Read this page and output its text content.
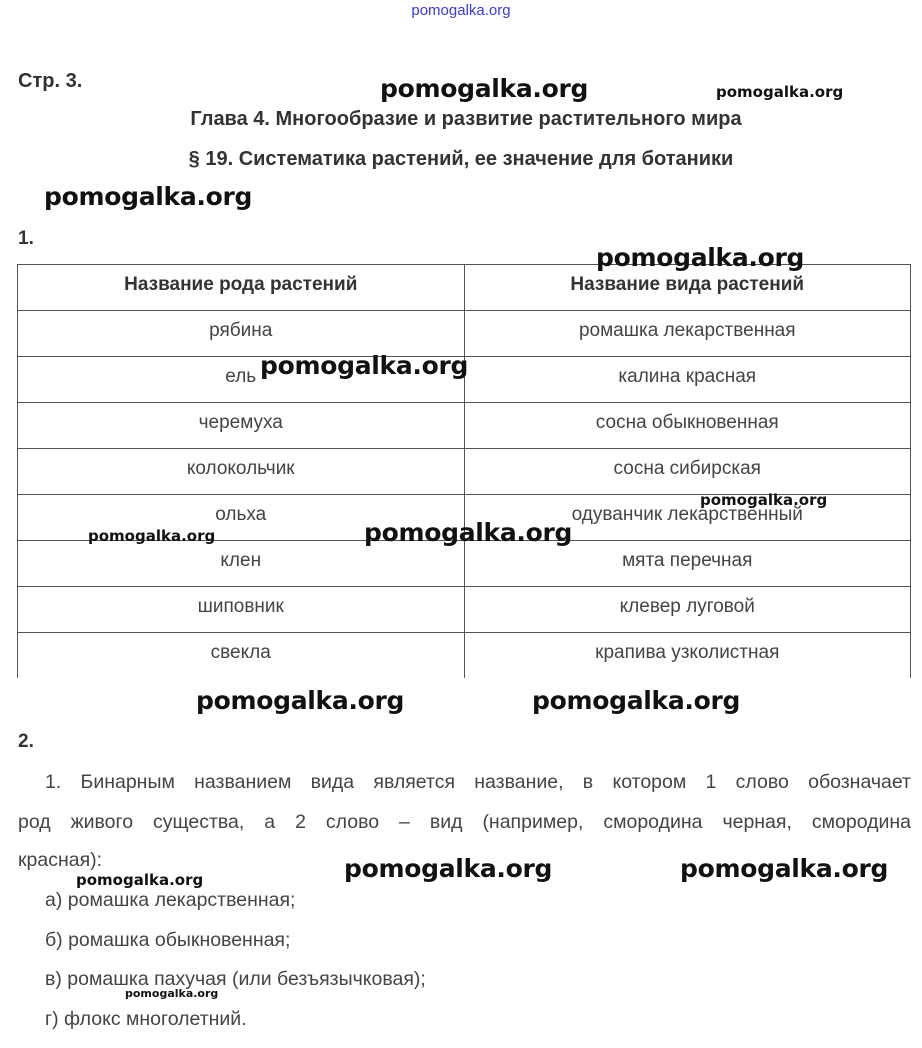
pomogalka.org
Стр. 3.
Глава 4. Многообразие и развитие растительного мира
§ 19. Систематика растений, ее значение для ботаники
1.
Название рода растений	Название вида растений
рябина	ромашка лекарственная
ель	калина красная
черемуха	сосна обыкновенная
колокольчик	сосна сибирская
ольха	одуванчик лекарственный
клен	мята перечная
шиповник	клевер луговой
свекла	крапива узколистная
2.
1. Бинарным названием вида является название, в котором 1 слово обозначает
род живого существа, а 2 слово – вид (например, смородина черная, смородина
красная):
а) ромашка лекарственная;
б) ромашка обыкновенная;
в) ромашка пахучая (или безъязычковая);
г) флокс многолетний.
pomogalka.org	pomogalka.org
pomogalka.org
pomogalka.org
pomogalka.org
pomogalka.org
pomogalka.org	pomogalka.org
pomogalka.org	pomogalka.org
pomogalka.org	pomogalka.org
pomogalka.org
pomogalka.org
